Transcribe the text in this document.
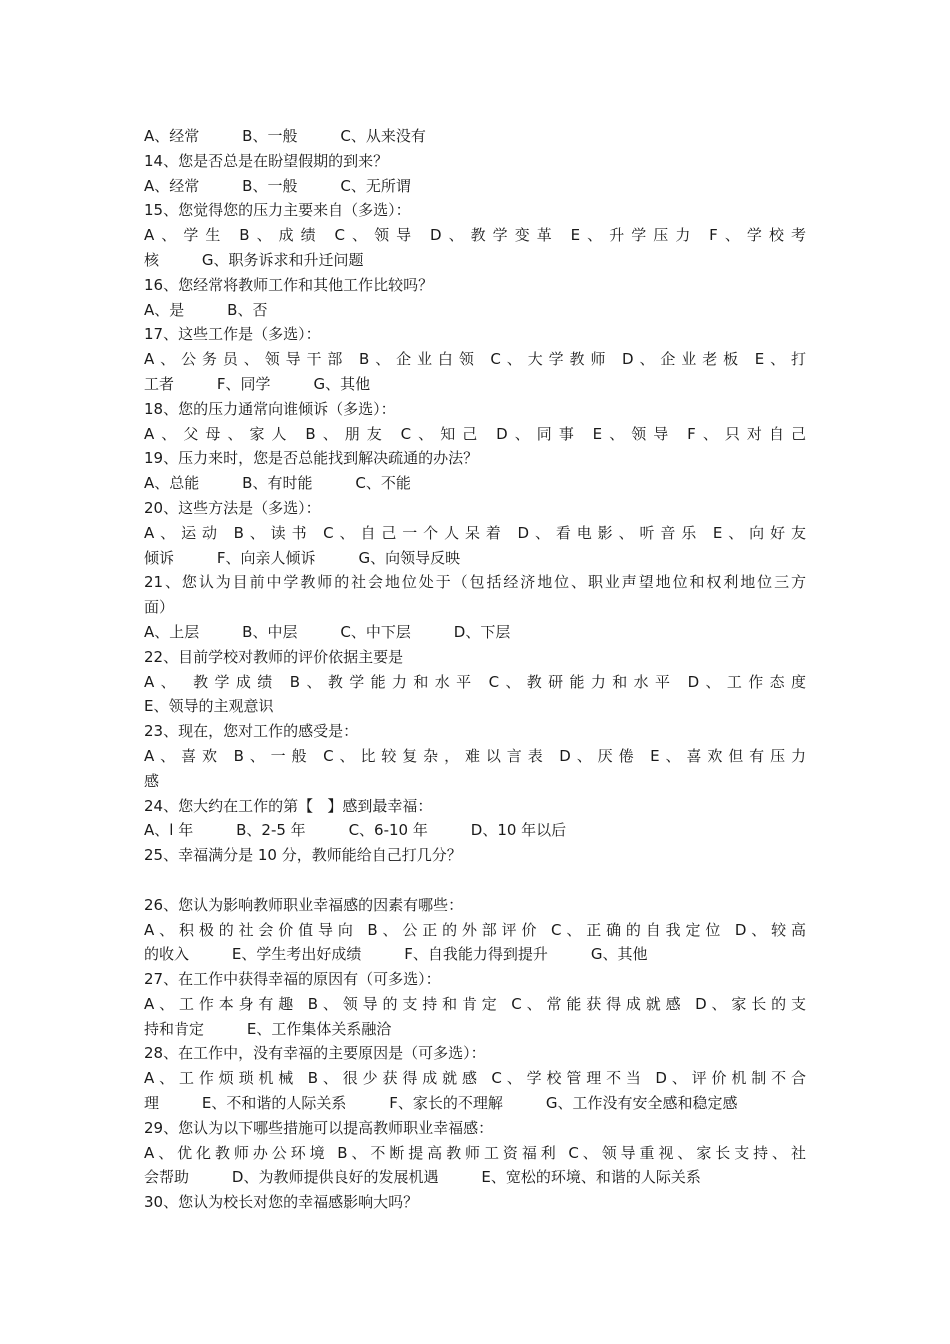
A、经常         B、一般         C、从来没有
14、您是否总是在盼望假期的到来？
A、经常         B、一般         C、无所谓
15、您觉得您的压力主要来自（多选）：
A、学生 B、成绩 C、领导 D、教学变革 E、升学压力 F、学校考
核         G、职务诉求和升迁问题
16、您经常将教师工作和其他工作比较吗？
A、是         B、否
17、这些工作是（多选）：
A、公务员、领导干部 B、企业白领 C、大学教师 D、企业老板 E、打
工者         F、同学         G、其他
18、您的压力通常向谁倾诉（多选）：
A、父母、家人 B、朋友 C、知己 D、同事 E、领导 F、只对自己
19、压力来时，您是否总能找到解决疏通的办法？
A、总能         B、有时能         C、不能
20、这些方法是（多选）：
A、运动 B、读书 C、自己一个人呆着 D、看电影、听音乐 E、向好友
倾诉         F、向亲人倾诉         G、向领导反映
21、您认为目前中学教师的社会地位处于（包括经济地位、职业声望地位和权利地位三方
面）
A、上层         B、中层         C、中下层         D、下层
22、目前学校对教师的评价依据主要是
A、 教学成绩 B、教学能力和水平 C、教研能力和水平 D、工作态度
E、领导的主观意识
23、现在，您对工作的感受是：
A、喜欢 B、一般 C、比较复杂，难以言表 D、厌倦 E、喜欢但有压力
感
24、您大约在工作的第【   】感到最幸福：
A、l 年         B、2-5 年         C、6-10 年         D、10 年以后
25、幸福满分是 10 分，教师能给自己打几分？
26、您认为影响教师职业幸福感的因素有哪些：
A、积极的社会价值导向 B、公正的外部评价 C、正确的自我定位 D、较高
的收入         E、学生考出好成绩         F、自我能力得到提升         G、其他
27、在工作中获得幸福的原因有（可多选）：
A、工作本身有趣 B、领导的支持和肯定 C、常能获得成就感 D、家长的支
持和肯定         E、工作集体关系融洽
28、在工作中，没有幸福的主要原因是（可多选）：
A、工作烦琐机械 B、很少获得成就感 C、学校管理不当 D、评价机制不合
理         E、不和谐的人际关系         F、家长的不理解         G、工作没有安全感和稳定感
29、您认为以下哪些措施可以提高教师职业幸福感：
A、优化教师办公环境 B、不断提高教师工资福利 C、领导重视、家长支持、社
会帮助         D、为教师提供良好的发展机遇         E、宽松的环境、和谐的人际关系
30、您认为校长对您的幸福感影响大吗？
